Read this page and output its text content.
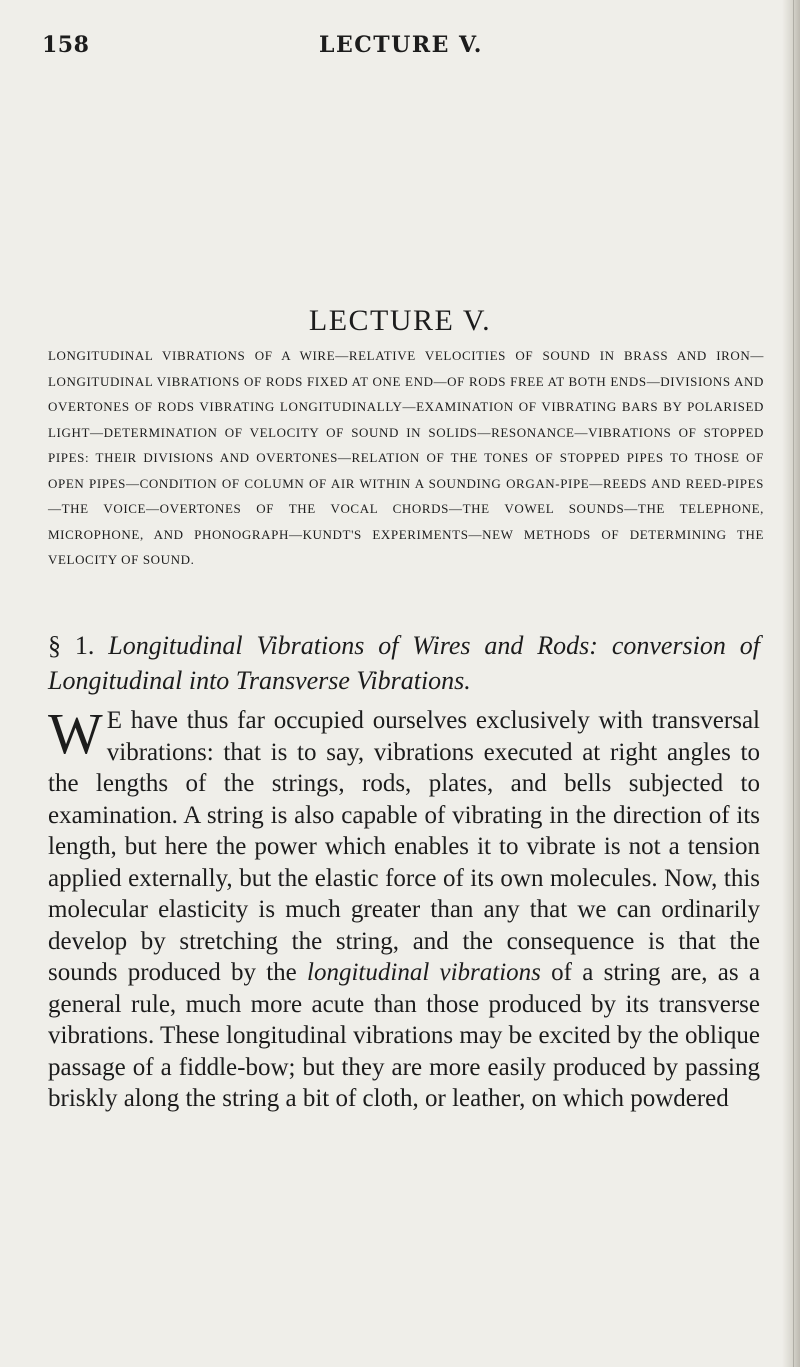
158	LECTURE V.
LECTURE V.

LONGITUDINAL VIBRATIONS OF A WIRE—RELATIVE VELOCITIES OF SOUND IN BRASS AND IRON—LONGITUDINAL VIBRATIONS OF RODS FIXED AT ONE END—OF RODS FREE AT BOTH ENDS—DIVISIONS AND OVERTONES OF RODS VIBRATING LONGITUDINALLY—EXAMINATION OF VIBRATING BARS BY POLARISED LIGHT—DETERMINATION OF VELOCITY OF SOUND IN SOLIDS—RESONANCE—VIBRATIONS OF STOPPED PIPES: THEIR DIVISIONS AND OVERTONES—RELATION OF THE TONES OF STOPPED PIPES TO THOSE OF OPEN PIPES—CONDITION OF COLUMN OF AIR WITHIN A SOUNDING ORGAN-PIPE—REEDS AND REED-PIPES—THE VOICE—OVERTONES OF THE VOCAL CHORDS—THE VOWEL SOUNDS—THE TELEPHONE, MICROPHONE, AND PHONOGRAPH—KUNDT'S EXPERIMENTS—NEW METHODS OF DETERMINING THE VELOCITY OF SOUND.

§ 1. Longitudinal Vibrations of Wires and Rods: conversion of Longitudinal into Transverse Vibrations.

W E have thus far occupied ourselves exclusively with transversal vibrations: that is to say, vibrations executed at right angles to the lengths of the strings, rods, plates, and bells subjected to examination. A string is also capable of vibrating in the direction of its length, but here the power which enables it to vibrate is not a tension applied externally, but the elastic force of its own molecules. Now, this molecular elasticity is much greater than any that we can ordinarily develop by stretching the string, and the consequence is that the sounds produced by the longitudinal vibrations of a string are, as a general rule, much more acute than those produced by its transverse vibrations. These longitudinal vibrations may be excited by the oblique passage of a fiddle-bow; but they are more easily produced by passing briskly along the string a bit of cloth, or leather, on which powdered
